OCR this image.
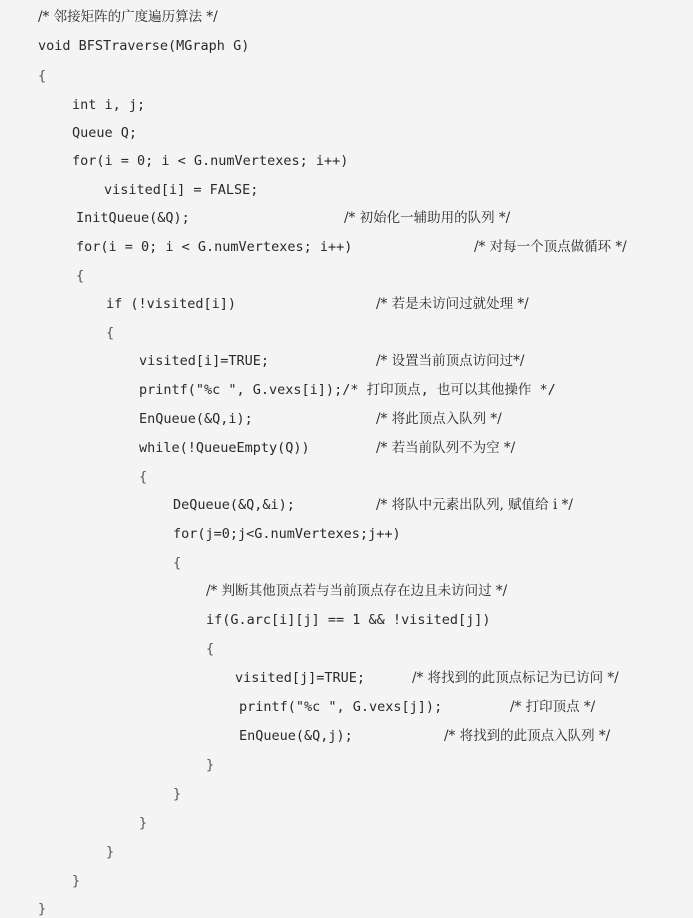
/* 邻接矩阵的广度遍历算法 */
void BFSTraverse(MGraph G)
{
int i, j;
Queue Q;
for(i = 0; i < G.numVertexes; i++)
visited[i] = FALSE;
InitQueue(&Q);	/* 初始化一辅助用的队列 */
for(i = 0; i < G.numVertexes; i++)	/* 对每一个顶点做循环 */
{
if (!visited[i])	/* 若是未访问过就处理 */
{
visited[i]=TRUE;	/* 设置当前顶点访问过*/
printf("%c ", G.vexs[i]);/* 打印顶点, 也可以其他操作 */
EnQueue(&Q,i);	/* 将此顶点入队列 */
while(!QueueEmpty(Q))	/* 若当前队列不为空 */
{
DeQueue(&Q,&i);	/* 将队中元素出队列, 赋值给 i */
for(j=0;j<G.numVertexes;j++)
{
/* 判断其他顶点若与当前顶点存在边且未访问过 */
if(G.arc[i][j] == 1 && !visited[j])
{
visited[j]=TRUE;	/* 将找到的此顶点标记为已访问 */
printf("%c ", G.vexs[j]);	/* 打印顶点 */
EnQueue(&Q,j);	/* 将找到的此顶点入队列 */
}
}
}
}
}
}
